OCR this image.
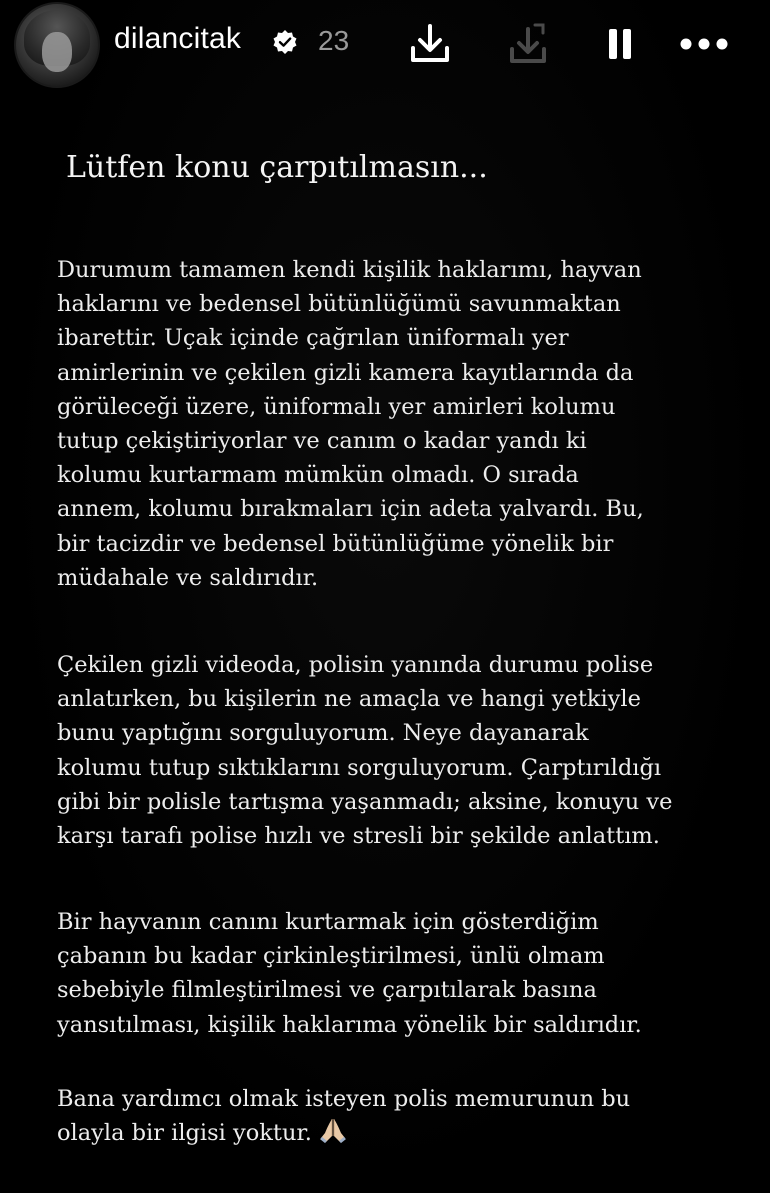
dilancitak	23
Lütfen konu çarpıtılmasın...
Durumum tamamen kendi kişilik haklarımı, hayvan
haklarını ve bedensel bütünlüğümü savunmaktan
ibarettir. Uçak içinde çağrılan üniformalı yer
amirlerinin ve çekilen gizli kamera kayıtlarında da
görüleceği üzere, üniformalı yer amirleri kolumu
tutup çekiştiriyorlar ve canım o kadar yandı ki
kolumu kurtarmam mümkün olmadı. O sırada
annem, kolumu bırakmaları için adeta yalvardı. Bu,
bir tacizdir ve bedensel bütünlüğüme yönelik bir
müdahale ve saldırıdır.
Çekilen gizli videoda, polisin yanında durumu polise
anlatırken, bu kişilerin ne amaçla ve hangi yetkiyle
bunu yaptığını sorguluyorum. Neye dayanarak
kolumu tutup sıktıklarını sorguluyorum. Çarptırıldığı
gibi bir polisle tartışma yaşanmadı; aksine, konuyu ve
karşı tarafı polise hızlı ve stresli bir şekilde anlattım.
Bir hayvanın canını kurtarmak için gösterdiğim
çabanın bu kadar çirkinleştirilmesi, ünlü olmam
sebebiyle filmleştirilmesi ve çarpıtılarak basına
yansıtılması, kişilik haklarıma yönelik bir saldırıdır.
Bana yardımcı olmak isteyen polis memurunun bu
olayla bir ilgisi yoktur.
